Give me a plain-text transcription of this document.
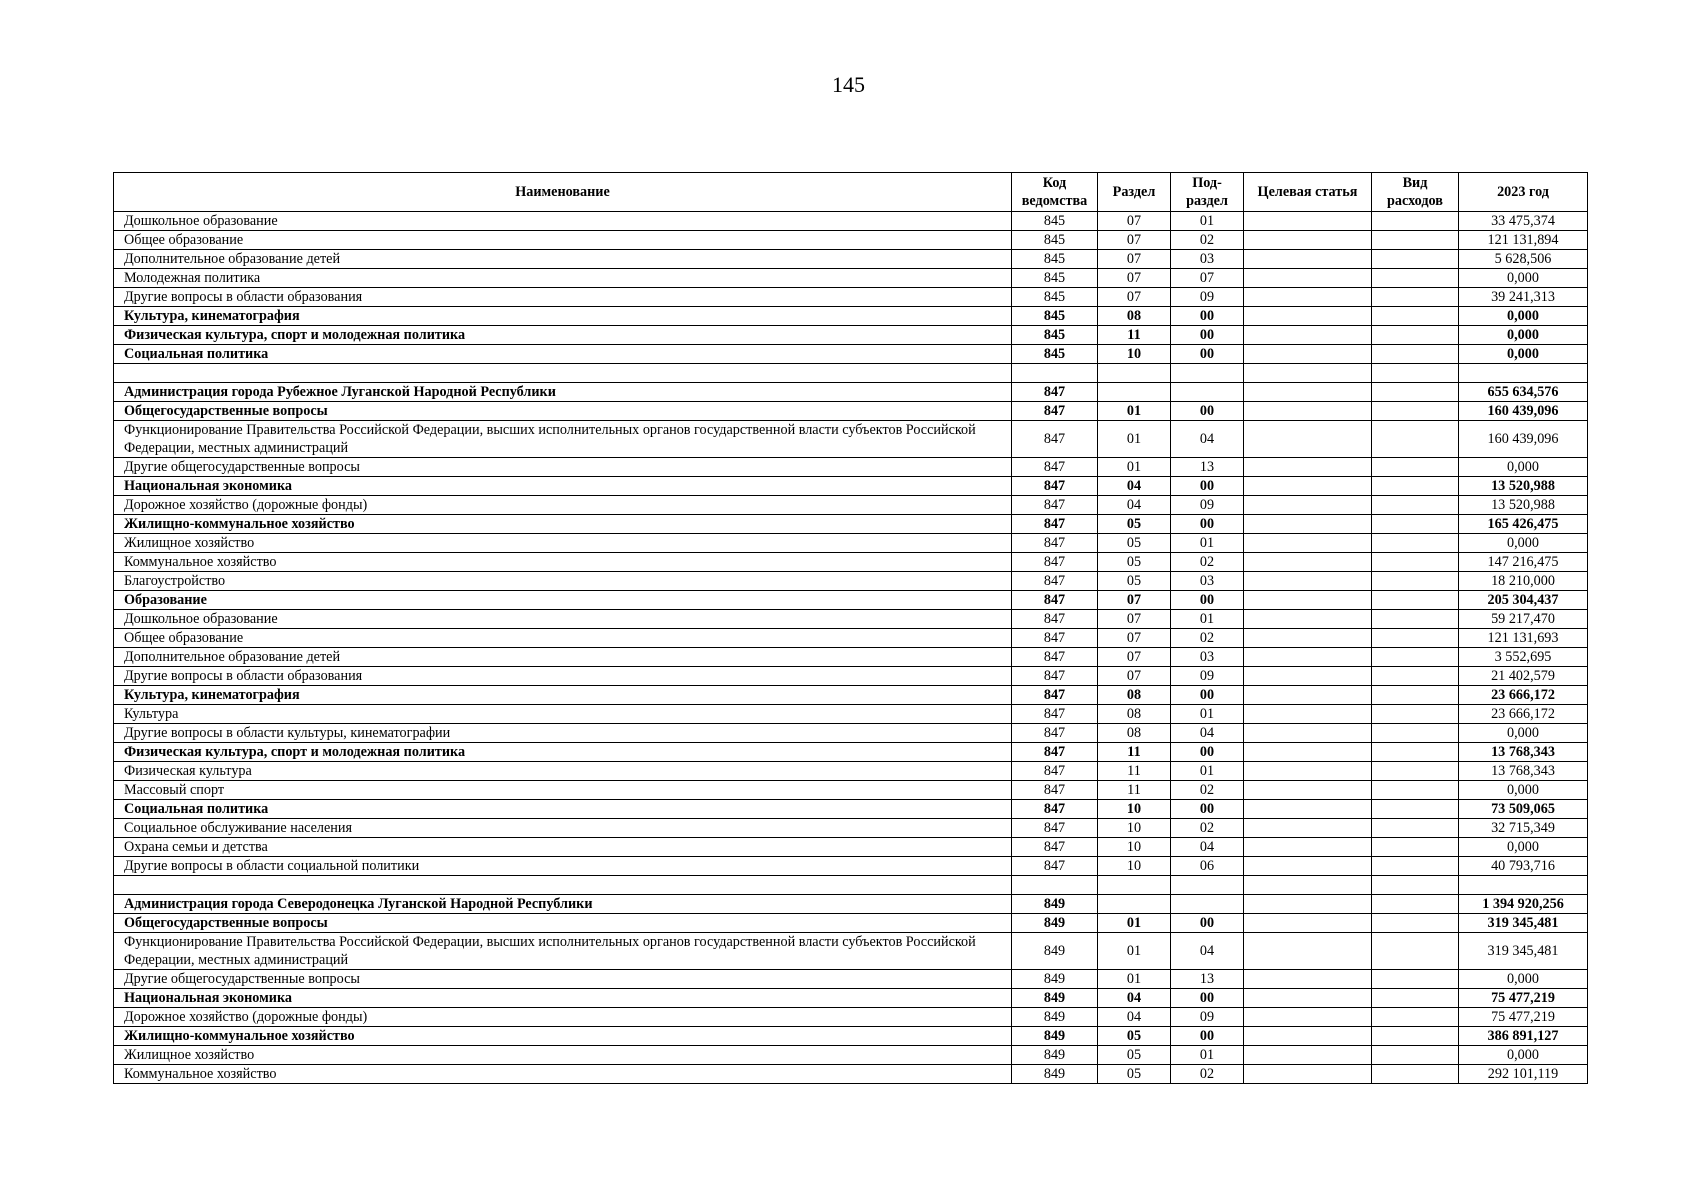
145
Наименование	Код ведомства	Раздел	Под-раздел	Целевая статья	Вид расходов	2023 год
Дошкольное образование	845	07	01			33 475,374
Общее образование	845	07	02			121 131,894
Дополнительное образование детей	845	07	03			5 628,506
Молодежная политика	845	07	07			0,000
Другие вопросы в области образования	845	07	09			39 241,313
Культура, кинематография	845	08	00			0,000
Физическая культура, спорт и молодежная политика	845	11	00			0,000
Социальная политика	845	10	00			0,000

Администрация города Рубежное Луганской Народной Республики	847					655 634,576
Общегосударственные вопросы	847	01	00			160 439,096
Функционирование Правительства Российской Федерации, высших исполнительных органов государственной власти субъектов Российской Федерации, местных администраций	847	01	04			160 439,096
Другие общегосударственные вопросы	847	01	13			0,000
Национальная экономика	847	04	00			13 520,988
Дорожное хозяйство (дорожные фонды)	847	04	09			13 520,988
Жилищно-коммунальное хозяйство	847	05	00			165 426,475
Жилищное хозяйство	847	05	01			0,000
Коммунальное хозяйство	847	05	02			147 216,475
Благоустройство	847	05	03			18 210,000
Образование	847	07	00			205 304,437
Дошкольное образование	847	07	01			59 217,470
Общее образование	847	07	02			121 131,693
Дополнительное образование детей	847	07	03			3 552,695
Другие вопросы в области образования	847	07	09			21 402,579
Культура, кинематография	847	08	00			23 666,172
Культура	847	08	01			23 666,172
Другие вопросы в области культуры, кинематографии	847	08	04			0,000
Физическая культура, спорт и молодежная политика	847	11	00			13 768,343
Физическая культура	847	11	01			13 768,343
Массовый спорт	847	11	02			0,000
Социальная политика	847	10	00			73 509,065
Социальное обслуживание населения	847	10	02			32 715,349
Охрана семьи и детства	847	10	04			0,000
Другие вопросы в области социальной политики	847	10	06			40 793,716

Администрация города Северодонецка Луганской Народной Республики	849					1 394 920,256
Общегосударственные вопросы	849	01	00			319 345,481
Функционирование Правительства Российской Федерации, высших исполнительных органов государственной власти субъектов Российской Федерации, местных администраций	849	01	04			319 345,481
Другие общегосударственные вопросы	849	01	13			0,000
Национальная экономика	849	04	00			75 477,219
Дорожное хозяйство (дорожные фонды)	849	04	09			75 477,219
Жилищно-коммунальное хозяйство	849	05	00			386 891,127
Жилищное хозяйство	849	05	01			0,000
Коммунальное хозяйство	849	05	02			292 101,119
